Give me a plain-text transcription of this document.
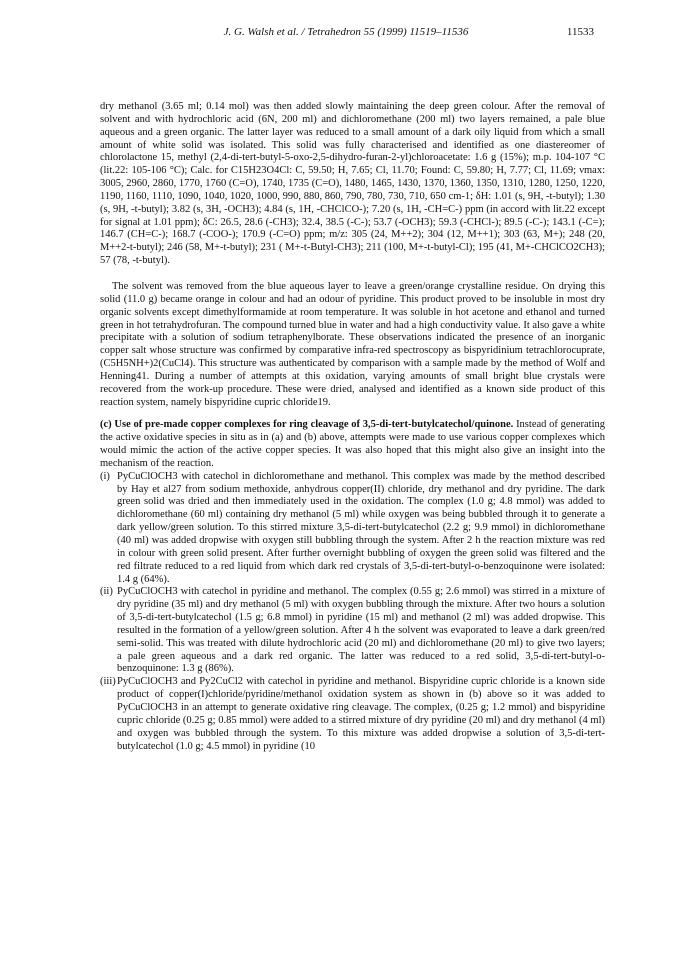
J. G. Walsh et al. / Tetrahedron 55 (1999) 11519–11536	11533

dry methanol (3.65 ml; 0.14 mol) was then added slowly maintaining the deep green colour. After the removal of solvent and with hydrochloric acid (6N, 200 ml) and dichloromethane (200 ml) two layers remained, a pale blue aqueous and a green organic. The latter layer was reduced to a small amount of a dark oily liquid from which a small amount of white solid was isolated. This solid was fully characterised and identified as one diastereomer of chlorolactone 15, methyl (2,4-di-tert-butyl-5-oxo-2,5-dihydro-furan-2-yl)chloroacetate: 1.6 g (15%); m.p. 104-107 °C (lit.22: 105-106 °C); Calc. for C15H23O4Cl: C, 59.50; H, 7.65; Cl, 11.70; Found: C, 59.80; H, 7.77; Cl, 11.69; νmax: 3005, 2960, 2860, 1770, 1760 (C=O), 1740, 1735 (C=O), 1480, 1465, 1430, 1370, 1360, 1350, 1310, 1280, 1250, 1220, 1190, 1160, 1110, 1090, 1040, 1020, 1000, 990, 880, 860, 790, 780, 730, 710, 650 cm-1; δH: 1.01 (s, 9H, -t-butyl); 1.30 (s, 9H, -t-butyl); 3.82 (s, 3H, -OCH3); 4.84 (s, 1H, -CHClCO-); 7.20 (s, 1H, -CH=C-) ppm (in accord with lit.22 except for signal at 1.01 ppm); δC: 26.5, 28.6 (-CH3); 32.4, 38.5 (-C-); 53.7 (-OCH3); 59.3 (-CHCl-); 89.5 (-C-); 143.1 (-C=); 146.7 (CH=C-); 168.7 (-COO-); 170.9 (-C=O) ppm; m/z: 305 (24, M++2); 304 (12, M++1); 303 (63, M+); 248 (20, M++2-t-butyl); 246 (58, M+-t-butyl); 231 ( M+-t-Butyl-CH3); 211 (100, M+-t-butyl-Cl); 195 (41, M+-CHClCO2CH3); 57 (78, -t-butyl).

The solvent was removed from the blue aqueous layer to leave a green/orange crystalline residue. On drying this solid (11.0 g) became orange in colour and had an odour of pyridine. This product proved to be insoluble in most dry organic solvents except dimethylformamide at room temperature. It was soluble in hot acetone and ethanol and turned green in hot tetrahydrofuran. The compound turned blue in water and had a high conductivity value. It also gave a white precipitate with a solution of sodium tetraphenylborate. These observations indicated the presence of an inorganic copper salt whose structure was confirmed by comparative infra-red spectroscopy as bispyridinium tetrachlorocuprate, (C5H5NH+)2(CuCl4). This structure was authenticated by comparison with a sample made by the method of Wolf and Henning41. During a number of attempts at this oxidation, varying amounts of small bright blue crystals were recovered from the work-up procedure. These were dried, analysed and identified as a known side product of this reaction system, namely bispyridine cupric chloride19.

(c) Use of pre-made copper complexes for ring cleavage of 3,5-di-tert-butylcatechol/quinone. Instead of generating the active oxidative species in situ as in (a) and (b) above, attempts were made to use various copper complexes which would mimic the action of the active copper species. It was also hoped that this might also give an insight into the mechanism of the reaction.

(i) PyCuClOCH3 with catechol in dichloromethane and methanol. This complex was made by the method described by Hay et al27 from sodium methoxide, anhydrous copper(II) chloride, dry methanol and dry pyridine. The dark green solid was dried and then immediately used in the oxidation. The complex (1.0 g; 4.8 mmol) was added to dichloromethane (60 ml) containing dry methanol (5 ml) while oxygen was being bubbled through it to generate a dark yellow/green solution. To this stirred mixture 3,5-di-tert-butylcatechol (2.2 g; 9.9 mmol) in dichloromethane (40 ml) was added dropwise with oxygen still bubbling through the system. After 2 h the reaction mixture was red in colour with green solid present. After further overnight bubbling of oxygen the green solid was filtered and the red filtrate reduced to a red liquid from which dark red crystals of 3,5-di-tert-butyl-o-benzoquinone were isolated: 1.4 g (64%).
(ii) PyCuClOCH3 with catechol in pyridine and methanol. The complex (0.55 g; 2.6 mmol) was stirred in a mixture of dry pyridine (35 ml) and dry methanol (5 ml) with oxygen bubbling through the mixture. After two hours a solution of 3,5-di-tert-butylcatechol (1.5 g; 6.8 mmol) in pyridine (15 ml) and methanol (2 ml) was added dropwise. This resulted in the formation of a yellow/green solution. After 4 h the solvent was evaporated to leave a dark green/red semi-solid. This was treated with dilute hydrochloric acid (20 ml) and dichloromethane (20 ml) to give two layers; a pale green aqueous and a dark red organic. The latter was reduced to a red solid, 3,5-di-tert-butyl-o-benzoquinone: 1.3 g (86%).
(iii) PyCuClOCH3 and Py2CuCl2 with catechol in pyridine and methanol. Bispyridine cupric chloride is a known side product of copper(I)chloride/pyridine/methanol oxidation system as shown in (b) above so it was added to PyCuClOCH3 in an attempt to generate oxidative ring cleavage. The complex, (0.25 g; 1.2 mmol) and bispyridine cupric chloride (0.25 g; 0.85 mmol) were added to a stirred mixture of dry pyridine (20 ml) and dry methanol (4 ml) and oxygen was bubbled through the system. To this mixture was added dropwise a solution of 3,5-di-tert-butylcatechol (1.0 g; 4.5 mmol) in pyridine (10
